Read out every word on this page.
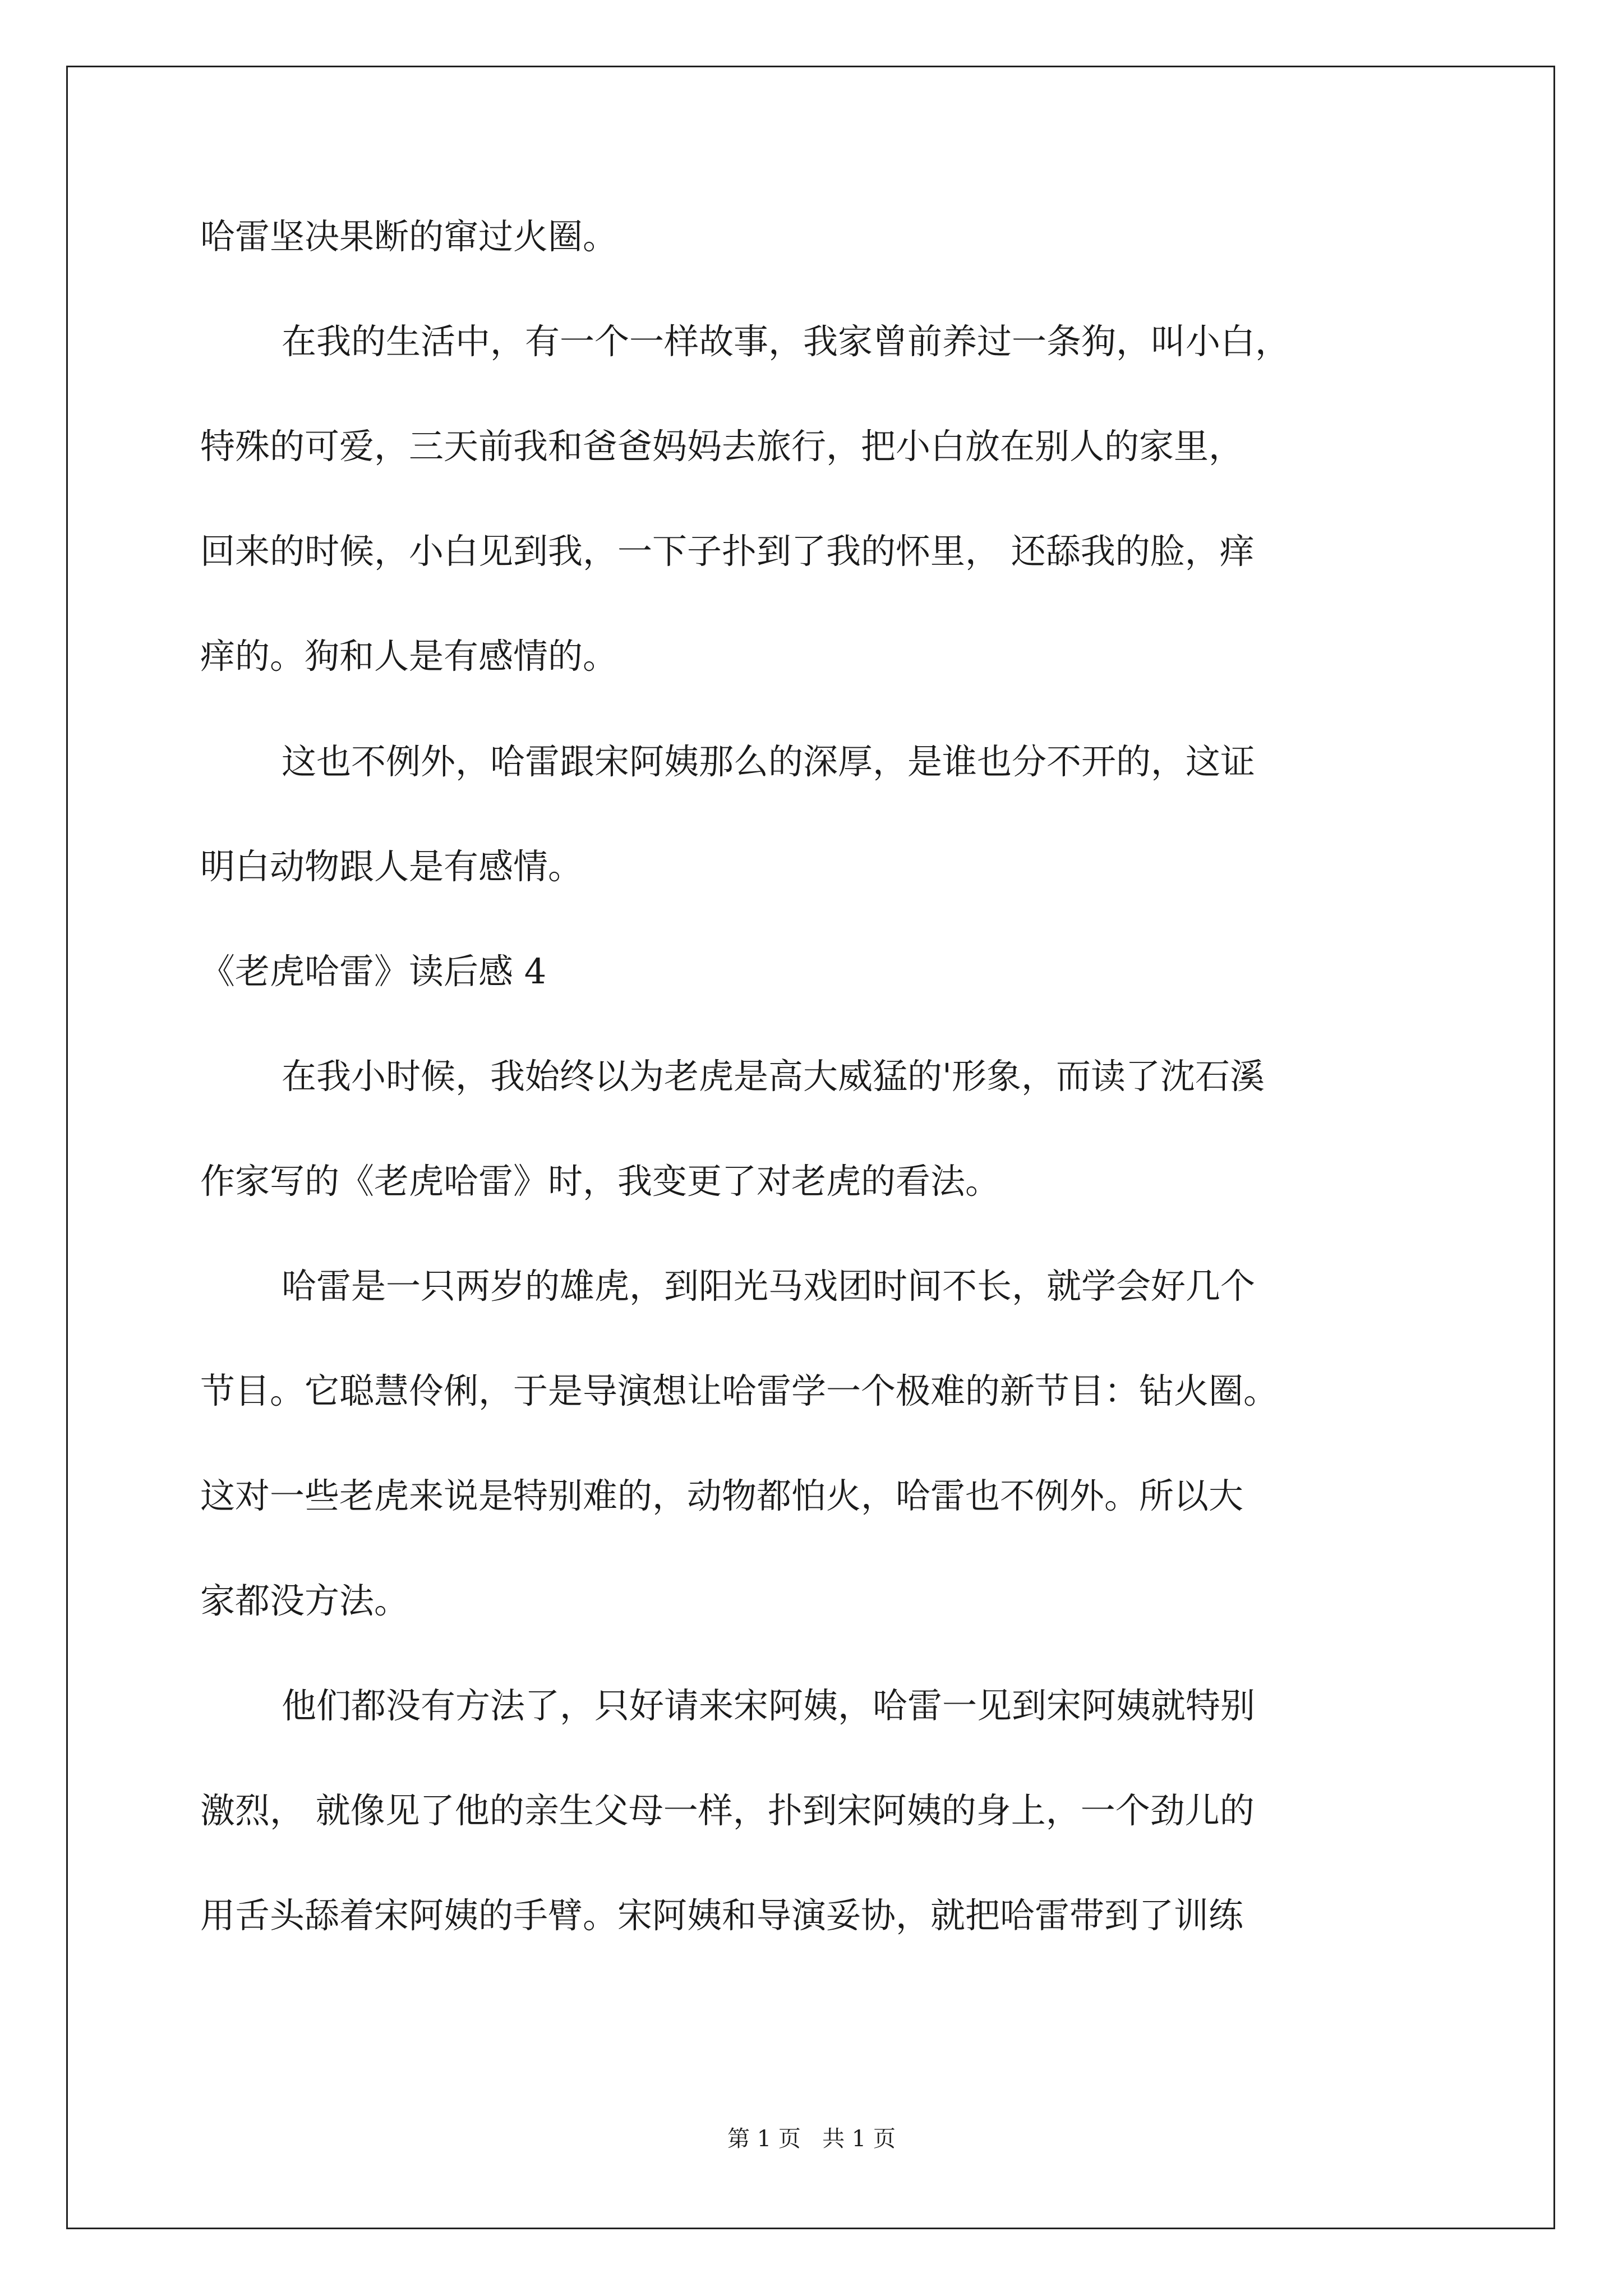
哈雷坚决果断的窜过火圈。

在我的生活中，有一个一样故事，我家曾前养过一条狗，叫小白，

特殊的可爱，三天前我和爸爸妈妈去旅行，把小白放在别人的家里，

回来的时候，小白见到我，一下子扑到了我的怀里， 还舔我的脸，痒

痒的。狗和人是有感情的。

这也不例外，哈雷跟宋阿姨那么的深厚，是谁也分不开的，这证

明白动物跟人是有感情。

《老虎哈雷》读后感 4

在我小时候，我始终以为老虎是高大威猛的'形象，而读了沈石溪

作家写的《老虎哈雷》时，我变更了对老虎的看法。

哈雷是一只两岁的雄虎，到阳光马戏团时间不长，就学会好几个

节目。它聪慧伶俐，于是导演想让哈雷学一个极难的新节目：钻火圈。

这对一些老虎来说是特别难的，动物都怕火，哈雷也不例外。所以大

家都没方法。

他们都没有方法了，只好请来宋阿姨，哈雷一见到宋阿姨就特别

激烈， 就像见了他的亲生父母一样，扑到宋阿姨的身上，一个劲儿的

用舌头舔着宋阿姨的手臂。宋阿姨和导演妥协，就把哈雷带到了训练

第 1 页   共 1 页
